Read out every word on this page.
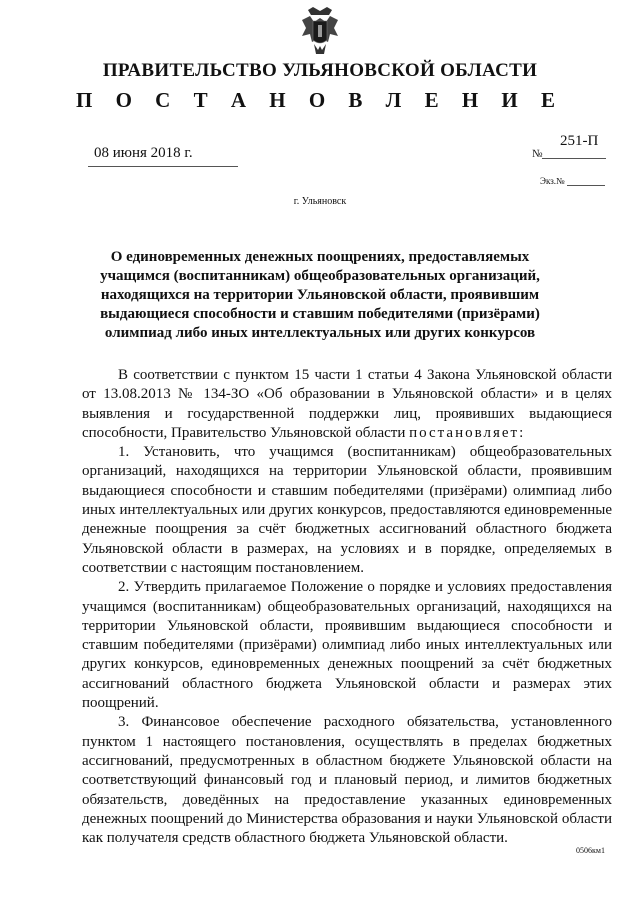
ПРАВИТЕЛЬСТВО УЛЬЯНОВСКОЙ ОБЛАСТИ
П О С Т А Н О В Л Е Н И Е
08 июня 2018 г.	№
251-П
Экз.№
г. Ульяновск
О единовременных денежных поощрениях, предоставляемых учащимся (воспитанникам) общеобразовательных организаций, находящихся на территории Ульяновской области, проявившим выдающиеся способности и ставшим победителями (призёрами) олимпиад либо иных интеллектуальных или других конкурсов

В соответствии с пунктом 15 части 1 статьи 4 Закона Ульяновской области от 13.08.2013 № 134-ЗО «Об образовании в Ульяновской области» и в целях выявления и государственной поддержки лиц, проявивших выдающиеся способности, Правительство Ульяновской области постановляет:

1. Установить, что учащимся (воспитанникам) общеобразовательных организаций, находящихся на территории Ульяновской области, проявившим выдающиеся способности и ставшим победителями (призёрами) олимпиад либо иных интеллектуальных или других конкурсов, предоставляются единовременные денежные поощрения за счёт бюджетных ассигнований областного бюджета Ульяновской области в размерах, на условиях и в порядке, определяемых в соответствии с настоящим постановлением.

2. Утвердить прилагаемое Положение о порядке и условиях предоставления учащимся (воспитанникам) общеобразовательных организаций, находящихся на территории Ульяновской области, проявившим выдающиеся способности и ставшим победителями (призёрами) олимпиад либо иных интеллектуальных или других конкурсов, единовременных денежных поощрений за счёт бюджетных ассигнований областного бюджета Ульяновской области и размерах этих поощрений.

3. Финансовое обеспечение расходного обязательства, установленного пунктом 1 настоящего постановления, осуществлять в пределах бюджетных ассигнований, предусмотренных в областном бюджете Ульяновской области на соответствующий финансовый год и плановый период, и лимитов бюджетных обязательств, доведённых на предоставление указанных единовременных денежных поощрений до Министерства образования и науки Ульяновской области как получателя средств областного бюджета Ульяновской области.

0506км1
